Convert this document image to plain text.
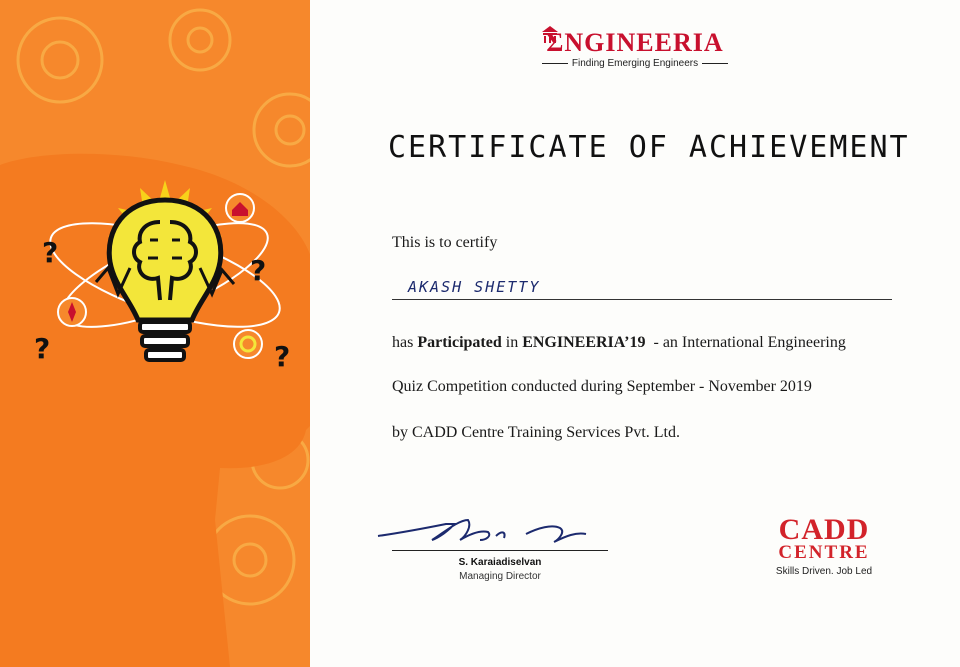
?
?
?	?
ƩNGINEERIA
Finding Emerging Engineers
CERTIFICATE OF ACHIEVEMENT
This is to certify
AKASH SHETTY
has Participated in ENGINEERIA’19  - an International Engineering
Quiz Competition conducted during September - November 2019
by CADD Centre Training Services Pvt. Ltd.
S. Karaiadiselvan
Managing Director
CADD
CENTRE
Skills Driven. Job Led
